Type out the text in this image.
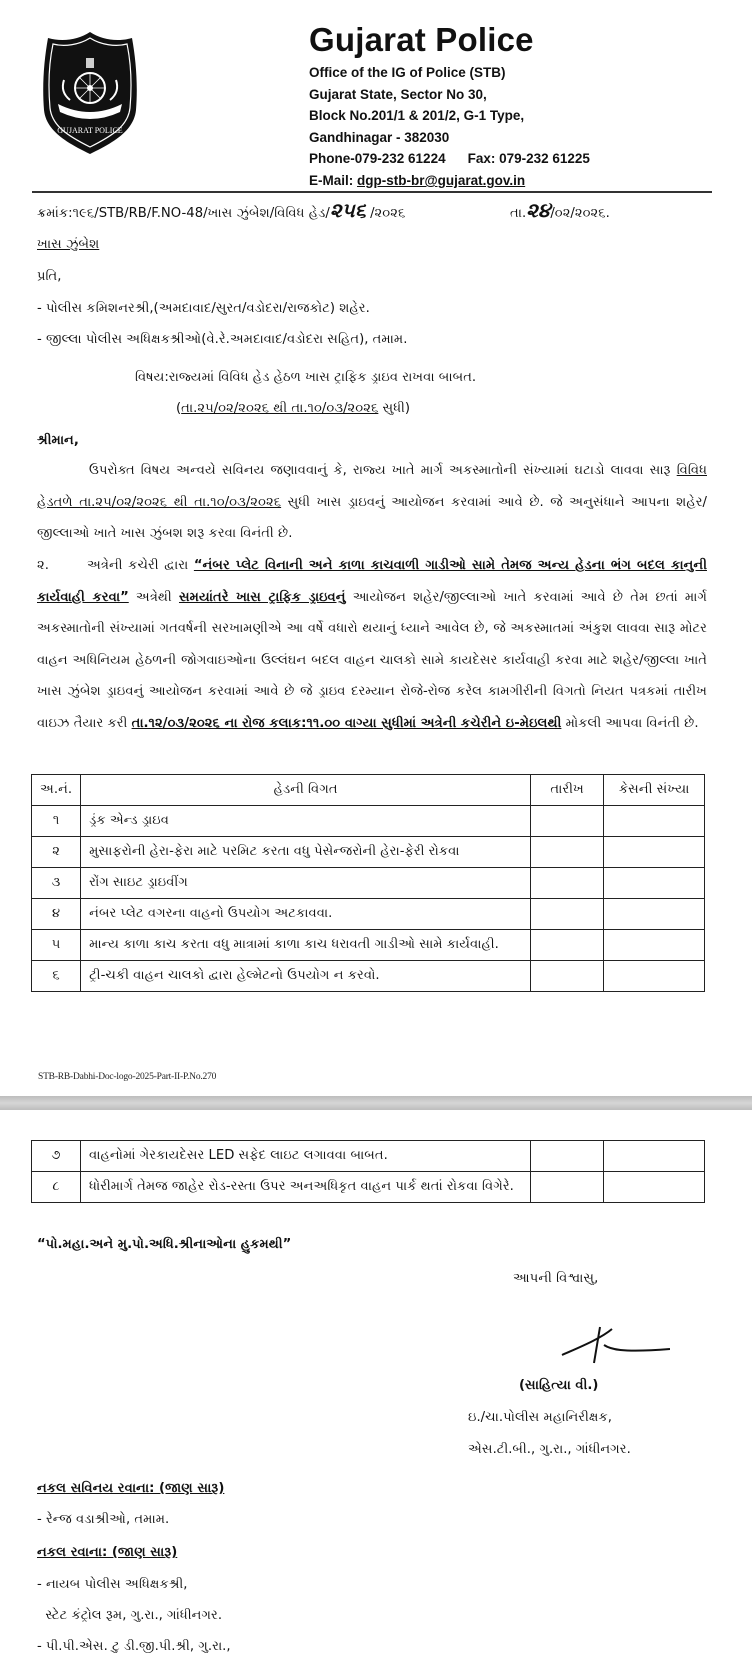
GUJARAT POLICE
Gujarat Police
Office of the IG of Police (STB)
Gujarat State, Sector No 30,
Block No.201/1 & 201/2, G-1 Type,
Gandhinagar - 382030
Phone-079-232 61224 Fax: 079-232 61225
E-Mail: dgp-stb-br@gujarat.gov.in
ક્રમાંક:૧૯૬/STB/RB/F.NO-48/ખાસ ઝુંબેશ/વિવિધ હેડ/૨૫૬ /૨૦૨૬	તા.૨૪/૦૨/૨૦૨૬.
ખાસ ઝુંબેશ
પ્રતિ,
- પોલીસ કમિશનરશ્રી,(અમદાવાદ/સુરત/વડોદરા/રાજકોટ) શહેર.
- જીલ્લા પોલીસ અધિક્ષકશ્રીઓ(વે.રે.અમદાવાદ/વડોદરા સહિત), તમામ.
વિષય:રાજ્યમાં વિવિધ હેડ હેઠળ ખાસ ટ્રાફિક ડ્રાઇવ રાખવા બાબત.
(તા.૨૫/૦૨/૨૦૨૬ થી તા.૧૦/૦૩/૨૦૨૬ સુધી)
શ્રીમાન,
ઉપરોક્ત વિષય અન્વયે સવિનય જણાવવાનું કે, રાજ્ય ખાતે માર્ગ અકસ્માતોની સંખ્યામાં ઘટાડો લાવવા સારૂ વિવિધ હેડતળે તા.૨૫/૦૨/૨૦૨૬ થી તા.૧૦/૦૩/૨૦૨૬ સુધી ખાસ ડ્રાઇવનું આયોજન કરવામાં આવે છે. જે અનુસંધાને આપના શહેર/જીલ્લાઓ ખાતે ખાસ ઝુંબશ શરૂ કરવા વિનંતી છે.
૨.	અત્રેની કચેરી દ્વારા “નંબર પ્લેટ વિનાની અને કાળા કાચવાળી ગાડીઓ સામે તેમજ અન્ય હેડના ભંગ બદલ કાનુની કાર્યવાહી કરવા” અત્રેથી સમયાંતરે ખાસ ટ્રાફિક ડ્રાઇવનું આયોજન શહેર/જીલ્લાઓ ખાતે કરવામાં આવે છે તેમ છતાં માર્ગ અકસ્માતોની સંખ્યામાં ગતવર્ષની સરખામણીએ આ વર્ષે વધારો થયાનું ધ્યાને આવેલ છે, જે અકસ્માતમાં અંકુશ લાવવા સારૂ મોટર વાહન અધિનિયમ હેઠળની જોગવાઇઓના ઉલ્લંઘન બદલ વાહન ચાલકો સામે કાયદેસર કાર્યવાહી કરવા માટે શહેર/જીલ્લા ખાતે ખાસ ઝુંબેશ ડ્રાઇવનું આયોજન કરવામાં આવે છે જે ડ્રાઇવ દરમ્યાન રોજે-રોજ કરેલ કામગીરીની વિગતો નિયત પત્રકમાં તારીખ વાઇઝ તૈયાર કરી તા.૧૨/૦૩/૨૦૨૬ ના રોજ કલાક:૧૧.૦૦ વાગ્યા સુધીમાં અત્રેની કચેરીને ઇ-મેઇલથી મોકલી આપવા વિનંતી છે.
અ.નં.	હેડની વિગત	તારીખ	કેસની સંખ્યા
૧	ડ્રંક એન્ડ ડ્રાઇવ		
૨	મુસાફરોની હેરા-ફેરા માટે પરમિટ કરતા વધુ પેસેન્જરોની હેરા-ફેરી રોકવા		
૩	રોંગ સાઇટ ડ્રાઇવીંગ		
૪	નંબર પ્લેટ વગરના વાહનો ઉપયોગ અટકાવવા.		
૫	માન્ય કાળા કાચ કરતા વધુ માત્રામાં કાળા કાચ ધરાવતી ગાડીઓ સામે કાર્યવાહી.		
૬	ટ્રી-ચકી વાહન ચાલકો દ્વારા હેલ્મેટનો ઉપયોગ ન કરવો.		
STB-RB-Dabhi-Doc-logo-2025-Part-II-P.No.270
૭	વાહનોમાં ગેરકાયદેસર LED સફેદ લાઇટ લગાવવા બાબત.		
૮	ધોરીમાર્ગ તેમજ જાહેર રોડ-રસ્તા ઉપર અનઅધિકૃત વાહન પાર્ક થતાં રોકવા વિગેરે.		
“પો.મહા.અને મુ.પો.અધિ.શ્રીનાઓના હુકમથી”
આપની વિશ્વાસુ,
(સાહિત્યા વી.)
ઇ./ચા.પોલીસ મહાનિરીક્ષક,
એસ.ટી.બી., ગુ.રા., ગાંધીનગર.
નકલ સવિનય રવાના: (જાણ સારૂ)
- રેન્જ વડાશ્રીઓ, તમામ.
નકલ રવાના: (જાણ સારૂ)
- નાયબ પોલીસ અધિક્ષકશ્રી,
સ્ટેટ કંટ્રોલ રૂમ, ગુ.રા., ગાંધીનગર.
- પી.પી.એસ. ટુ ડી.જી.પી.શ્રી, ગુ.રા.,
